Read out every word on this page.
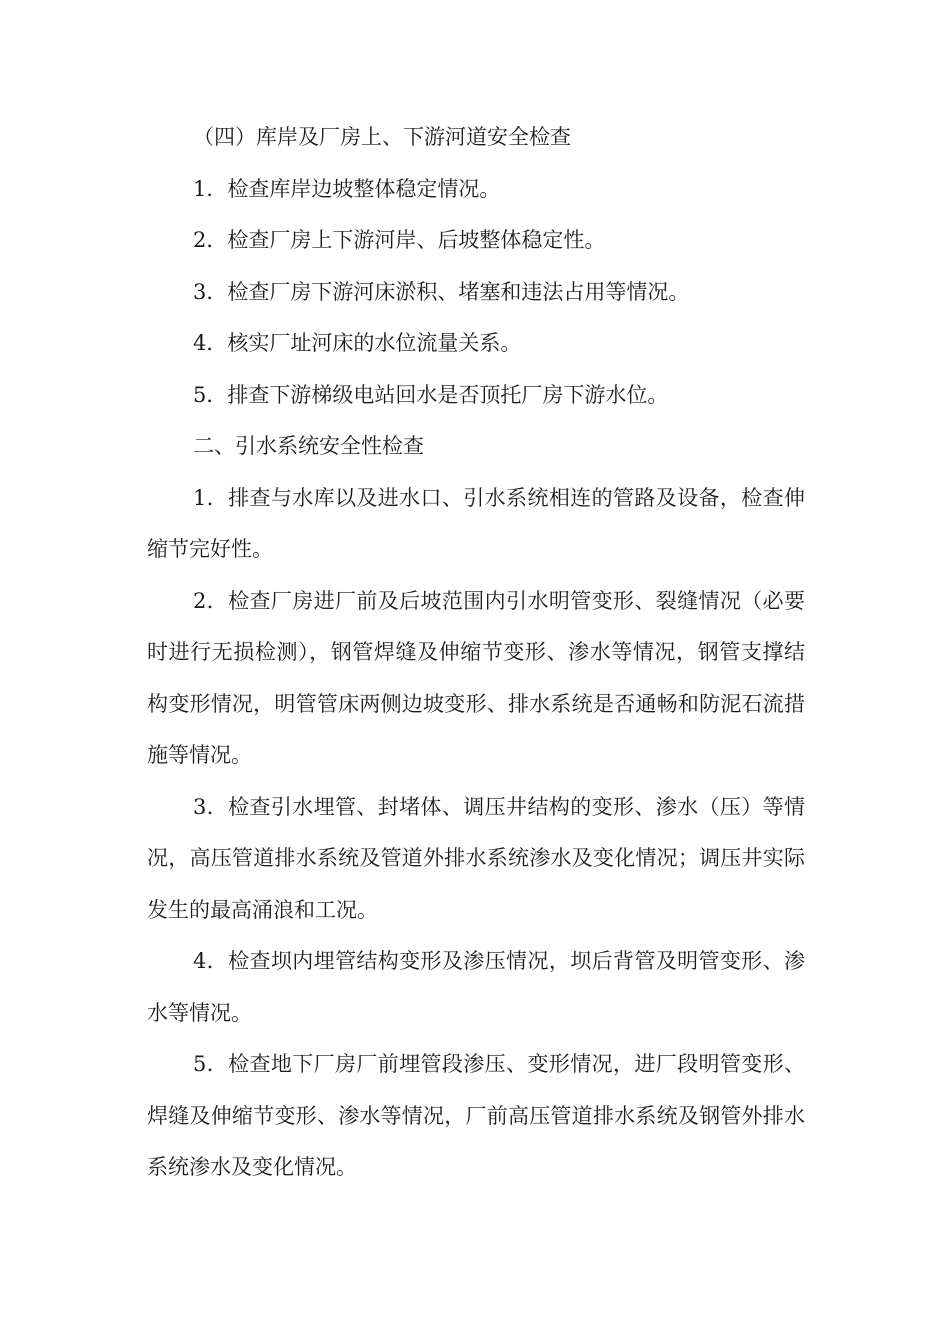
（四）库岸及厂房上、下游河道安全检查

1．检查库岸边坡整体稳定情况。

2．检查厂房上下游河岸、后坡整体稳定性。

3．检查厂房下游河床淤积、堵塞和违法占用等情况。

4．核实厂址河床的水位流量关系。

5．排查下游梯级电站回水是否顶托厂房下游水位。

二、引水系统安全性检查

1．排查与水库以及进水口、引水系统相连的管路及设备，检查伸缩节完好性。

2．检查厂房进厂前及后坡范围内引水明管变形、裂缝情况（必要时进行无损检测），钢管焊缝及伸缩节变形、渗水等情况，钢管支撑结构变形情况，明管管床两侧边坡变形、排水系统是否通畅和防泥石流措施等情况。

3．检查引水埋管、封堵体、调压井结构的变形、渗水（压）等情况，高压管道排水系统及管道外排水系统渗水及变化情况；调压井实际发生的最高涌浪和工况。

4．检查坝内埋管结构变形及渗压情况，坝后背管及明管变形、渗水等情况。

5．检查地下厂房厂前埋管段渗压、变形情况，进厂段明管变形、焊缝及伸缩节变形、渗水等情况，厂前高压管道排水系统及钢管外排水系统渗水及变化情况。
